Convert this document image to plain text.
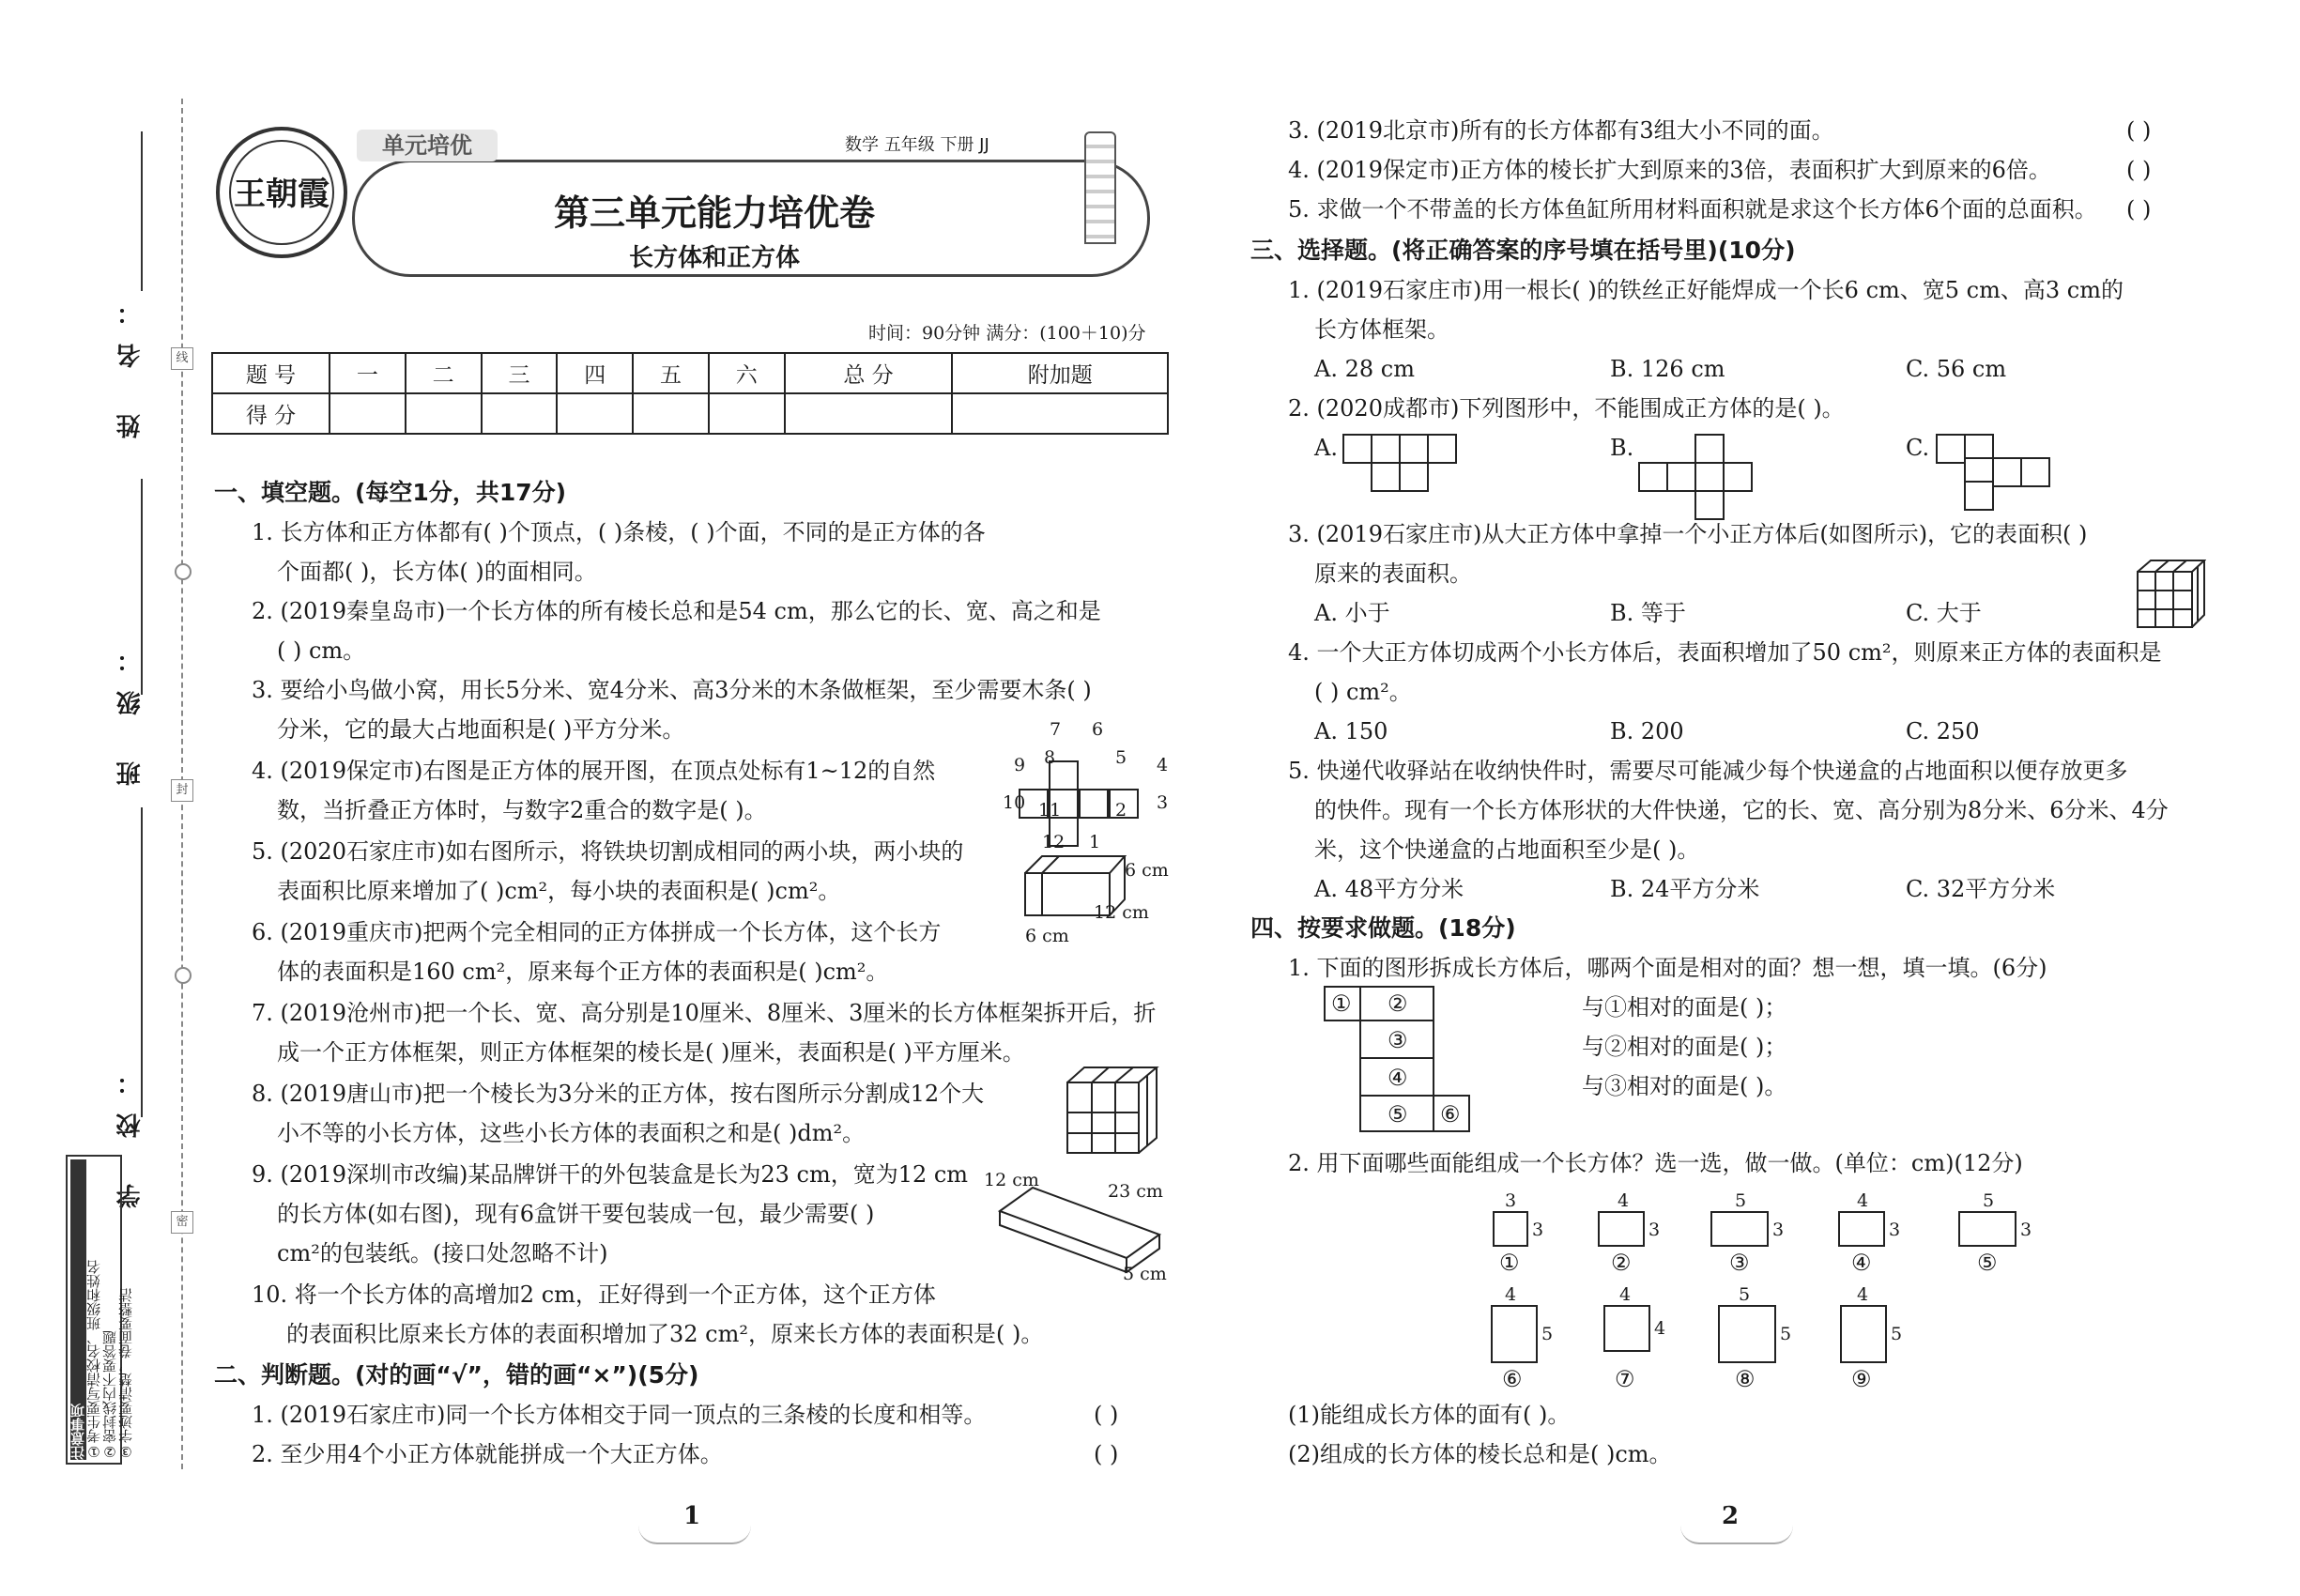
姓 名：
班 级：
学 校：
线
封
密
注意事项 ①考生要写清校名、班级和姓名 ②密封线内不要答题 ③字迹要清楚，卷面要整洁
单元培优
王朝霞
数学 五年级 下册 JJ
第三单元能力培优卷
长方体和正方体
时间：90分钟 满分：(100＋10)分
题 号	一	二	三	四	五	六	总 分	附加题
得 分								
一、填空题。(每空1分，共17分)
1. 长方体和正方体都有( )个顶点，( )条棱，( )个面，不同的是正方体的各
个面都( )，长方体( )的面相同。
2. (2019秦皇岛市)一个长方体的所有棱长总和是54 cm，那么它的长、宽、高之和是
( ) cm。
3. 要给小鸟做小窝，用长5分米、宽4分米、高3分米的木条做框架，至少需要木条( )
分米，它的最大占地面积是( )平方分米。
4. (2019保定市)右图是正方体的展开图，在顶点处标有1~12的自然
数，当折叠正方体时，与数字2重合的数字是( )。
5. (2020石家庄市)如右图所示，将铁块切割成相同的两小块，两小块的
表面积比原来增加了( )cm²，每小块的表面积是( )cm²。
6. (2019重庆市)把两个完全相同的正方体拼成一个长方体，这个长方
体的表面积是160 cm²，原来每个正方体的表面积是( )cm²。
7. (2019沧州市)把一个长、宽、高分别是10厘米、8厘米、3厘米的长方体框架拆开后，折
成一个正方体框架，则正方体框架的棱长是( )厘米，表面积是( )平方厘米。
8. (2019唐山市)把一个棱长为3分米的正方体，按右图所示分割成12个大
小不等的小长方体，这些小长方体的表面积之和是( )dm²。
9. (2019深圳市改编)某品牌饼干的外包装盒是长为23 cm，宽为12 cm
的长方体(如右图)，现有6盒饼干要包装成一包，最少需要( )
cm²的包装纸。(接口处忽略不计)
10. 将一个长方体的高增加2 cm，正好得到一个正方体，这个正方体
的表面积比原来长方体的表面积增加了32 cm²，原来长方体的表面积是( )。
二、判断题。(对的画“√”，错的画“×”)(5分)
1. (2019石家庄市)同一个长方体相交于同一顶点的三条棱的长度和相等。	( )
2. 至少用4个小正方体就能拼成一个大正方体。	( )
7 6
9 8	5 4
10 11	2 3
12 1
6 cm
12 cm
6 cm
12 cm
23 cm
5 cm
1
3. (2019北京市)所有的长方体都有3组大小不同的面。	( )
4. (2019保定市)正方体的棱长扩大到原来的3倍，表面积扩大到原来的6倍。	( )
5. 求做一个不带盖的长方体鱼缸所用材料面积就是求这个长方体6个面的总面积。 ( )
三、选择题。(将正确答案的序号填在括号里)(10分)
1. (2019石家庄市)用一根长( )的铁丝正好能焊成一个长6 cm、宽5 cm、高3 cm的
长方体框架。
A. 28 cm	B. 126 cm	C. 56 cm
2. (2020成都市)下列图形中，不能围成正方体的是( )。
A.	B.	C.
3. (2019石家庄市)从大正方体中拿掉一个小正方体后(如图所示)，它的表面积( )
原来的表面积。
A. 小于	B. 等于	C. 大于
4. 一个大正方体切成两个小长方体后，表面积增加了50 cm²，则原来正方体的表面积是
( ) cm²。
A. 150	B. 200	C. 250
5. 快递代收驿站在收纳快件时，需要尽可能减少每个快递盒的占地面积以便存放更多
的快件。现有一个长方体形状的大件快递，它的长、宽、高分别为8分米、6分米、4分
米，这个快递盒的占地面积至少是( )。
A. 48平方分米	B. 24平方分米	C. 32平方分米
四、按要求做题。(18分)
1. 下面的图形拆成长方体后，哪两个面是相对的面？想一想，填一填。(6分)
① ②
③
④
⑤ ⑥
与①相对的面是( )；
与②相对的面是( )；
与③相对的面是( )。
2. 用下面哪些面能组成一个长方体？选一选，做一做。(单位：cm)(12分)
3
3
①
4
3
②
5
3
③
4
3
④
5
3
⑤
4
5
⑥
4
4
⑦
5
5
⑧
4
5
⑨
(1)能组成长方体的面有( )。
(2)组成的长方体的棱长总和是( )cm。
2
